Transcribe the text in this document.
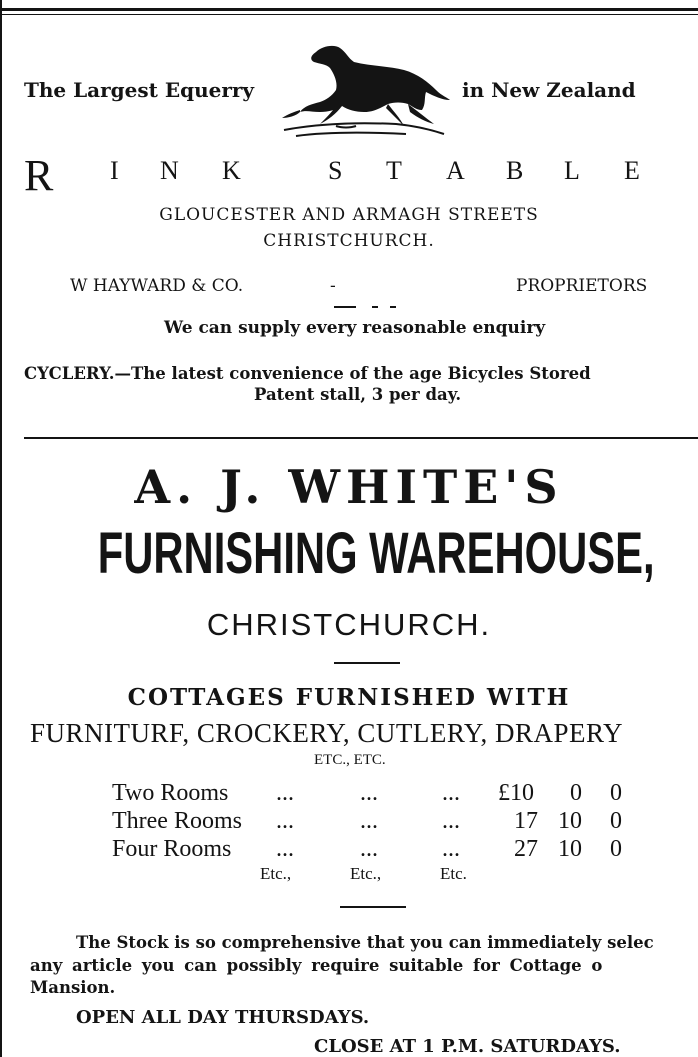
The Largest Equerry	in New Zealand
R I N K	S T A B L E
GLOUCESTER AND ARMAGH STREETS
CHRISTCHURCH.
W HAYWARD & CO.	-	PROPRIETORS
We can supply every reasonable enquiry
CYCLERY.—The latest convenience of the age Bicycles Stored
Patent stall, 3 per day.
A. J. WHITE'S
FURNISHING WAREHOUSE,
CHRISTCHURCH.
COTTAGES FURNISHED WITH
FURNITURF, CROCKERY, CUTLERY, DRAPERY
ETC., ETC.
Two Rooms ...	...	... £10 0 0
Three Rooms ...	...	... 17 10 0
Four Rooms ...	...	... 27 10 0
Etc.,	Etc.,	Etc.
The Stock is so comprehensive that you can immediately selec
any article you can possibly require suitable for Cottage o
Mansion.
OPEN ALL DAY THURSDAYS.
CLOSE AT 1 P.M. SATURDAYS.
